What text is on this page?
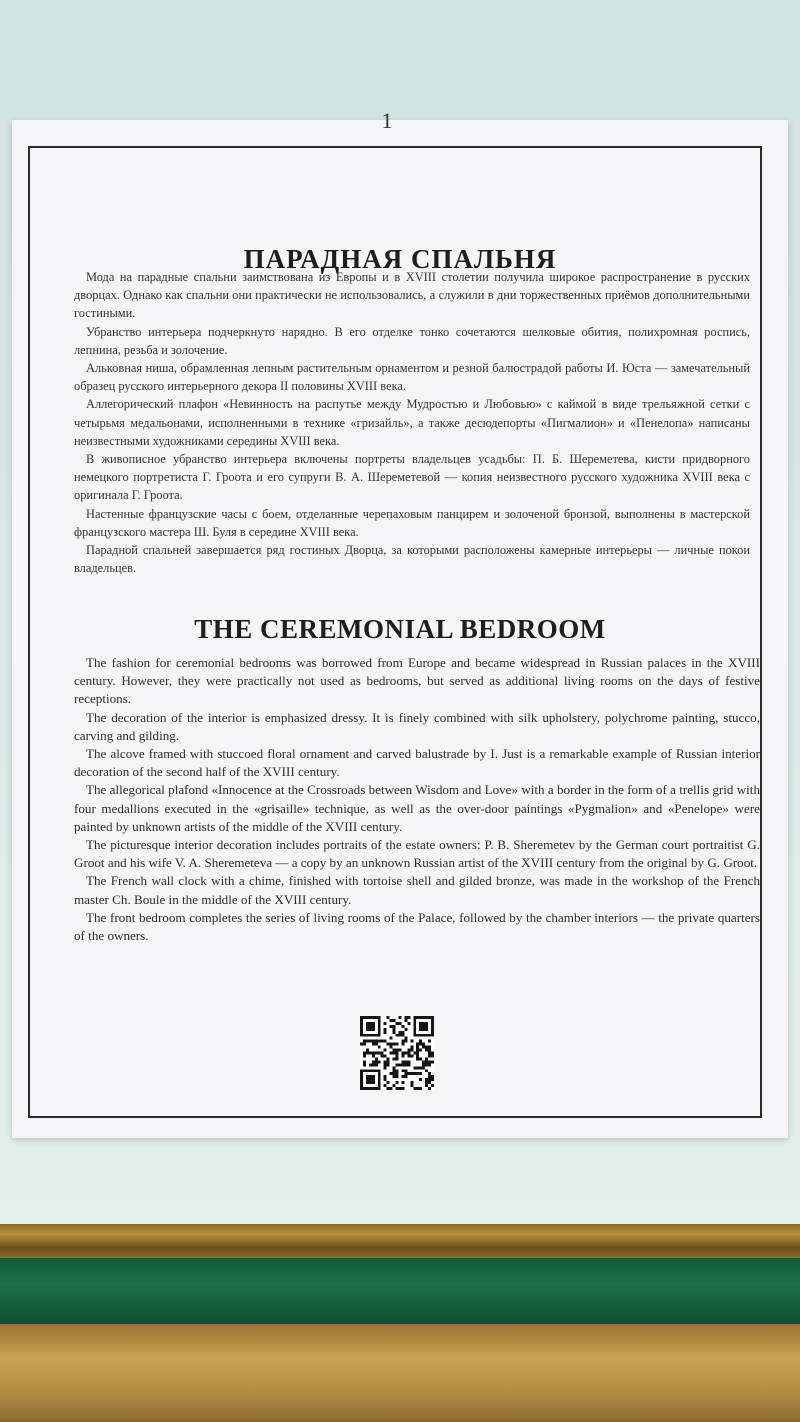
1
ПАРАДНАЯ СПАЛЬНЯ

Мода на парадные спальни заимствована из Европы и в XVIII столетии получила широкое распространение в русских дворцах. Однако как спальни они практически не использовались, а служили в дни торжественных приёмов дополнительными гостиными.

Убранство интерьера подчеркнуто нарядно. В его отделке тонко сочетаются шелковые обития, полихромная роспись, лепнина, резьба и золочение.

Альковная ниша, обрамленная лепным растительным орнаментом и резной балюстрадой работы И. Юста — замечательный образец русского интерьерного декора II половины XVIII века.

Аллегорический плафон «Невинность на распутье между Мудростью и Любовью» с каймой в виде трельяжной сетки с четырьмя медальонами, исполненными в технике «гризайль», а также десюдепорты «Пигмалион» и «Пенелопа» написаны неизвестными художниками середины XVIII века.

В живописное убранство интерьера включены портреты владельцев усадьбы: П. Б. Шереметева, кисти придворного немецкого портретиста Г. Гроота и его супруги В. А. Шереметевой — копия неизвестного русского художника XVIII века с оригинала Г. Гроота.

Настенные французские часы с боем, отделанные черепаховым панцирем и золоченой бронзой, выполнены в мастерской французского мастера Ш. Буля в середине XVIII века.

Парадной спальней завершается ряд гостиных Дворца, за которыми расположены камерные интерьеры — личные покои владельцев.

THE CEREMONIAL BEDROOM

The fashion for ceremonial bedrooms was borrowed from Europe and became widespread in Russian palaces in the XVIII century. However, they were practically not used as bedrooms, but served as additional living rooms on the days of festive receptions.

The decoration of the interior is emphasized dressy. It is finely combined with silk upholstery, polychrome painting, stucco, carving and gilding.

The alcove framed with stuccoed floral ornament and carved balustrade by I. Just is a remarkable example of Russian interior decoration of the second half of the XVIII century.

The allegorical plafond «Innocence at the Crossroads between Wisdom and Love» with a border in the form of a trellis grid with four medallions executed in the «grisaille» technique, as well as the over-door paintings «Pygmalion» and «Penelope» were painted by unknown artists of the middle of the XVIII century.

The picturesque interior decoration includes portraits of the estate owners: P. B. Sheremetev by the German court portraitist G. Groot and his wife V. A. Sheremeteva — a copy by an unknown Russian artist of the XVIII century from the original by G. Groot.

The French wall clock with a chime, finished with tortoise shell and gilded bronze, was made in the workshop of the French master Ch. Boule in the middle of the XVIII century.

The front bedroom completes the series of living rooms of the Palace, followed by the chamber interiors — the private quarters of the owners.
